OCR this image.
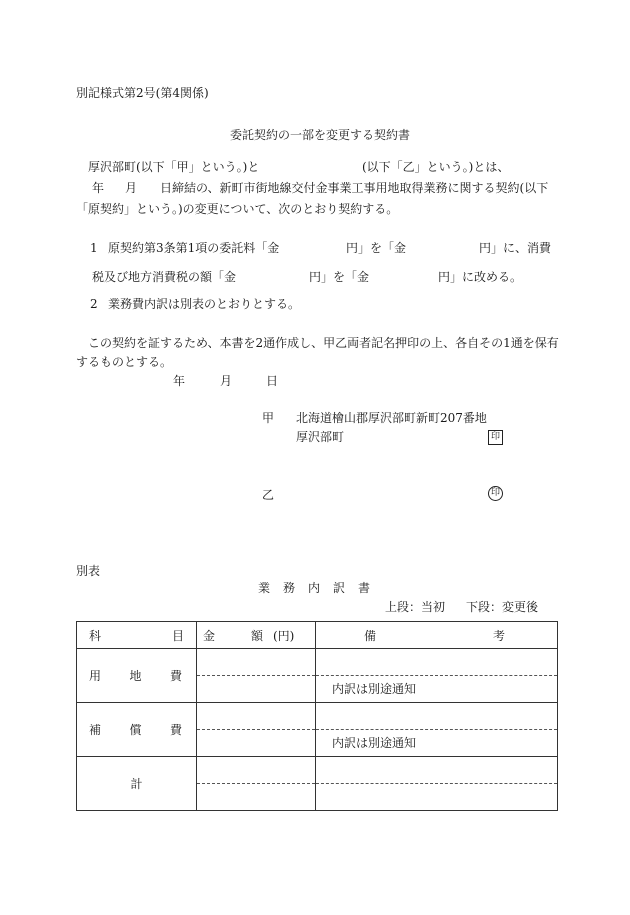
別記様式第2号(第4関係)
委託契約の一部を変更する契約書
厚沢部町(以下「甲」という。)と	(以下「乙」という。)とは、
年 月 日締結の、新町市街地線交付金事業工事用地取得業務に関する契約(以下
「原契約」という。)の変更について、次のとおり契約する。
1 原契約第3条第1項の委託料「金	円」を「金	円」に、消費
税及び地方消費税の額「金	円」を「金	円」に改める。
2 業務費内訳は別表のとおりとする。
この契約を証するため、本書を2通作成し、甲乙両者記名押印の上、各自その1通を保有
するものとする。
年	月	日
甲 北海道檜山郡厚沢部町新町207番地
厚沢部町	印
乙	印
別表
業 務 内 訳 書
上段：当初 下段：変更後
科 目	金 額 (円)	備 考

用 地 費		内訳は別途通知

補 償 費		内訳は別途通知

計	
